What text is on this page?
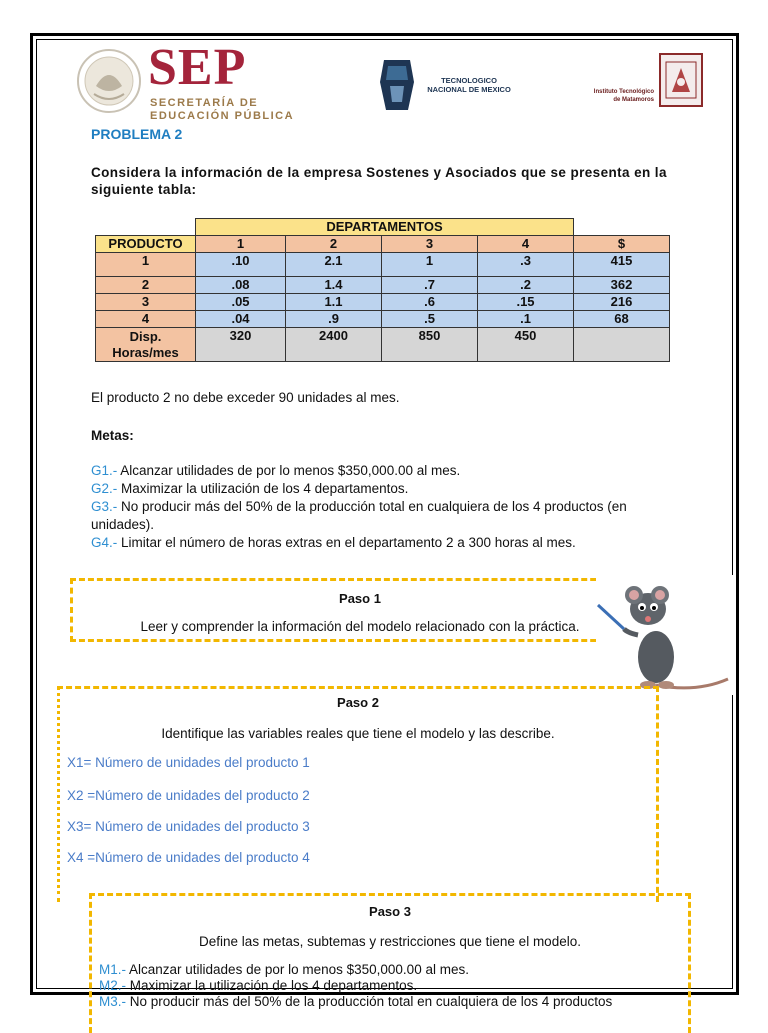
SEP
SECRETARÍA DE
EDUCACIÓN PÚBLICA
TECNOLOGICO
NACIONAL DE MEXICO	Instituto Tecnológico
de Matamoros
PROBLEMA 2
Considera la información de la empresa Sostenes y Asociados que se presenta en la siguiente tabla:
	DEPARTAMENTOS				
PRODUCTO	1	2	3	4	$
1	.10	2.1	1	.3	415
2	.08	1.4	.7	.2	362
3	.05	1.1	.6	.15	216
4	.04	.9	.5	.1	68

Disp.
Horas/mes	320	2400	850	450	
El producto 2 no debe exceder 90 unidades al mes.
Metas:
G1.- Alcanzar utilidades de por lo menos $350,000.00 al mes.
G2.- Maximizar la utilización de los 4 departamentos.
G3.- No producir más del 50% de la producción total en cualquiera de los 4 productos (en unidades).
G4.- Limitar el número de horas extras en el departamento 2 a 300 horas al mes.
Paso 1
Leer y comprender la información del modelo relacionado con la práctica.
Paso 2
Identifique las variables reales que tiene el modelo y las describe.
X1= Número de unidades del producto 1
X2 =Número de unidades del producto 2
X3= Número de unidades del producto 3
X4 =Número de unidades del producto 4
Paso 3
Define las metas, subtemas y restricciones que tiene el modelo.
M1.- Alcanzar utilidades de por lo menos $350,000.00 al mes.
M2.- Maximizar la utilización de los 4 departamentos.
M3.- No producir más del 50% de la producción total en cualquiera de los 4 productos
